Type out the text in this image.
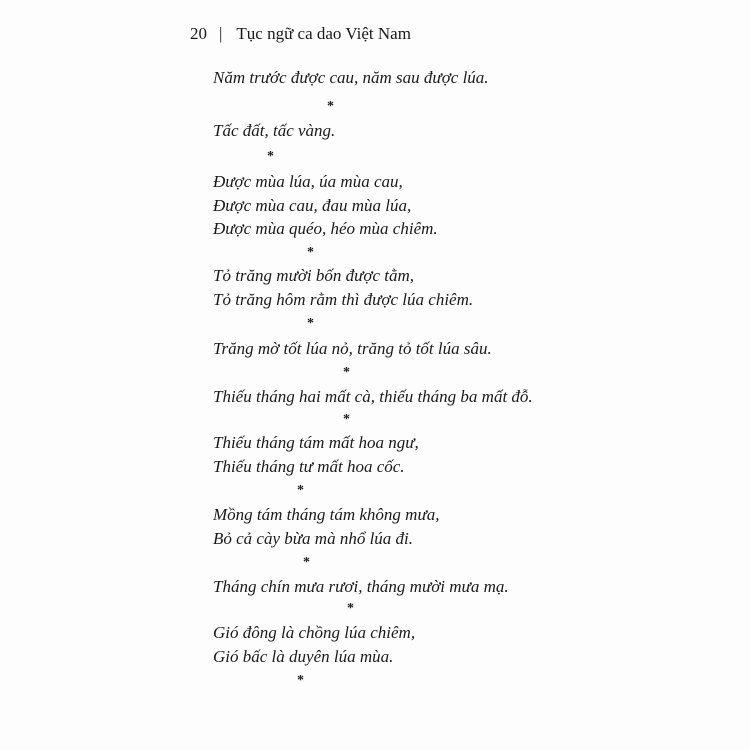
20 | Tục ngữ ca dao Việt Nam
Năm trước được cau, năm sau được lúa.
*
Tấc đất, tấc vàng.
*
Được mùa lúa, úa mùa cau,
Được mùa cau, đau mùa lúa,
Được mùa quéo, héo mùa chiêm.
*
Tỏ trăng mười bốn được tằm,
Tỏ trăng hôm rằm thì được lúa chiêm.
*
Trăng mờ tốt lúa nỏ, trăng tỏ tốt lúa sâu.
*
Thiếu tháng hai mất cà, thiếu tháng ba mất đỗ.
*
Thiếu tháng tám mất hoa ngư,
Thiếu tháng tư mất hoa cốc.
*
Mồng tám tháng tám không mưa,
Bỏ cả cày bừa mà nhổ lúa đi.
*
Tháng chín mưa rươi, tháng mười mưa mạ.
*
Gió đông là chồng lúa chiêm,
Gió bấc là duyên lúa mùa.
*
